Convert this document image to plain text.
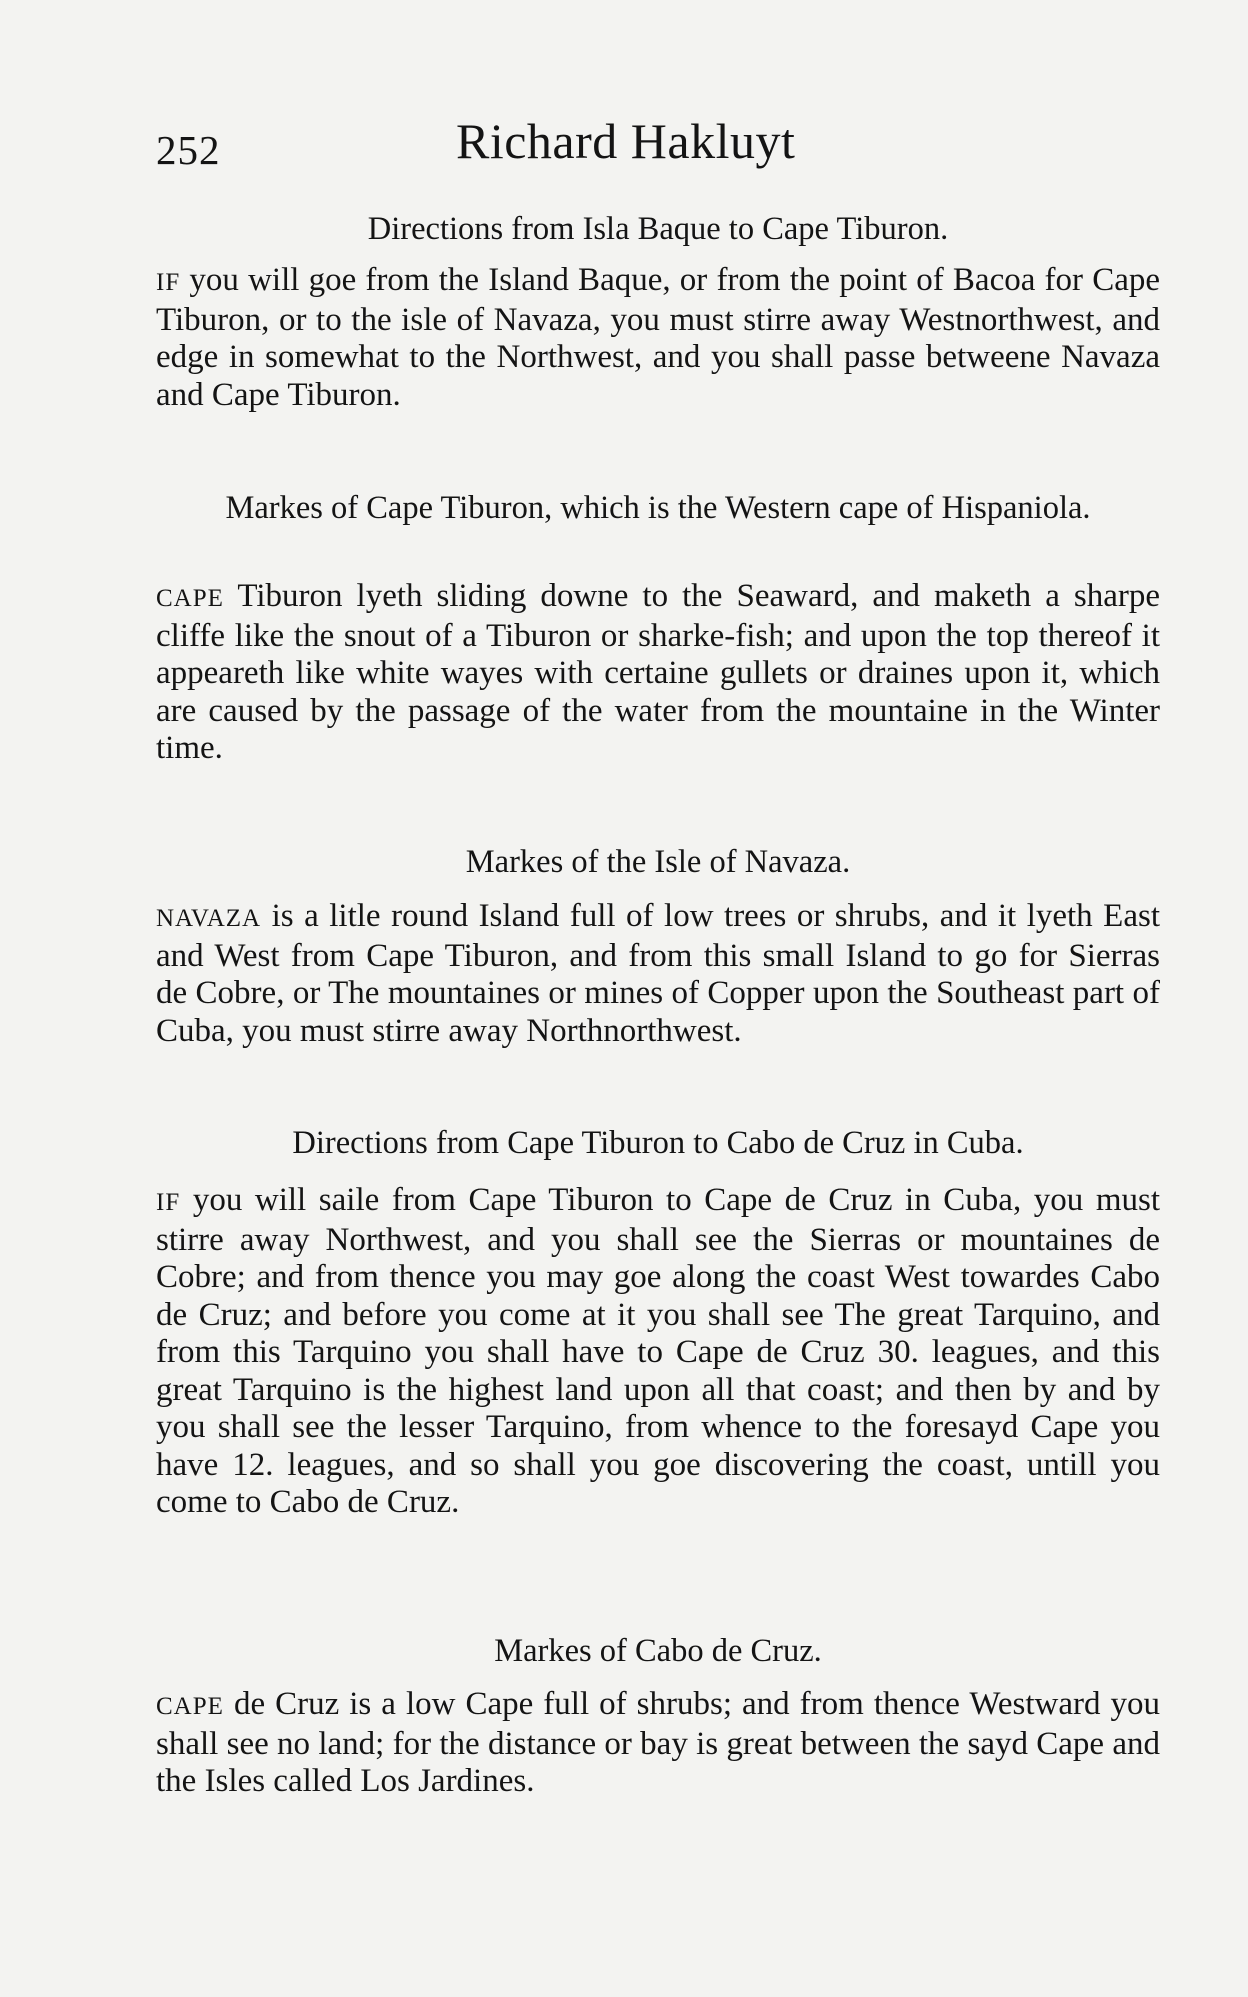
252	Richard Hakluyt

Directions from Isla Baque to Cape Tiburon.

IF you will goe from the Island Baque, or from the point of Bacoa for Cape Tiburon, or to the isle of Navaza, you must stirre away Westnorthwest, and edge in somewhat to the Northwest, and you shall passe betweene Navaza and Cape Tiburon.

Markes of Cape Tiburon, which is the Western cape of Hispaniola.

CAPE Tiburon lyeth sliding downe to the Seaward, and maketh a sharpe cliffe like the snout of a Tiburon or sharke-fish; and upon the top thereof it appeareth like white wayes with certaine gullets or draines upon it, which are caused by the passage of the water from the mountaine in the Winter time.

Markes of the Isle of Navaza.

NAVAZA is a litle round Island full of low trees or shrubs, and it lyeth East and West from Cape Tiburon, and from this small Island to go for Sierras de Cobre, or The mountaines or mines of Copper upon the Southeast part of Cuba, you must stirre away Northnorthwest.

Directions from Cape Tiburon to Cabo de Cruz in Cuba.

IF you will saile from Cape Tiburon to Cape de Cruz in Cuba, you must stirre away Northwest, and you shall see the Sierras or mountaines de Cobre; and from thence you may goe along the coast West towardes Cabo de Cruz; and before you come at it you shall see The great Tarquino, and from this Tarquino you shall have to Cape de Cruz 30. leagues, and this great Tarquino is the highest land upon all that coast; and then by and by you shall see the lesser Tarquino, from whence to the foresayd Cape you have 12. leagues, and so shall you goe discovering the coast, untill you come to Cabo de Cruz.

Markes of Cabo de Cruz.

CAPE de Cruz is a low Cape full of shrubs; and from thence Westward you shall see no land; for the distance or bay is great between the sayd Cape and the Isles called Los Jardines.
